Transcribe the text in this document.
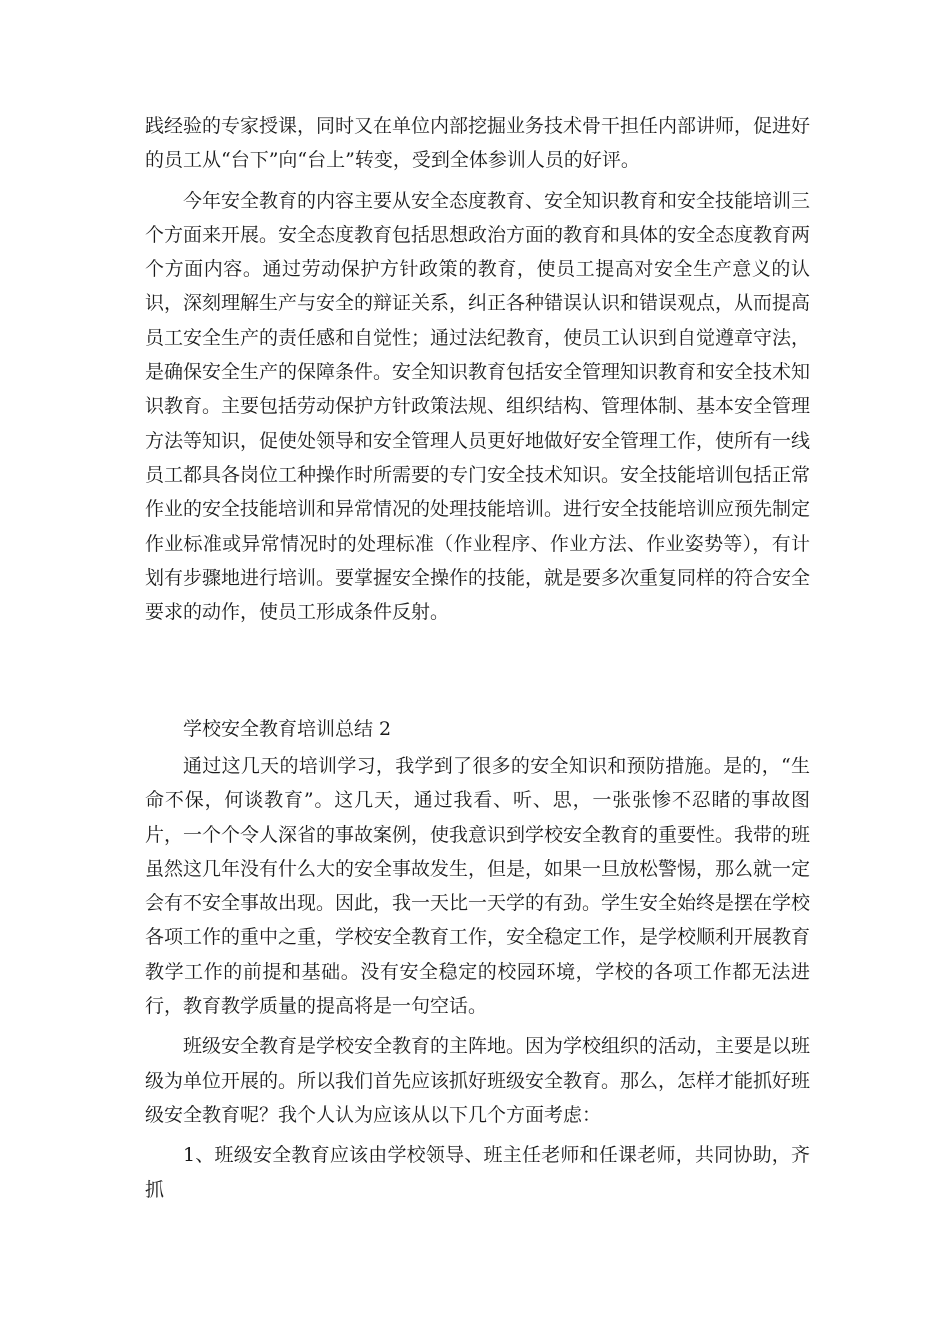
践经验的专家授课，同时又在单位内部挖掘业务技术骨干担任内部讲师，促进好的员工从“台下”向“台上”转变，受到全体参训人员的好评。

今年安全教育的内容主要从安全态度教育、安全知识教育和安全技能培训三个方面来开展。安全态度教育包括思想政治方面的教育和具体的安全态度教育两个方面内容。通过劳动保护方针政策的教育，使员工提高对安全生产意义的认识，深刻理解生产与安全的辩证关系，纠正各种错误认识和错误观点，从而提高员工安全生产的责任感和自觉性；通过法纪教育，使员工认识到自觉遵章守法，是确保安全生产的保障条件。安全知识教育包括安全管理知识教育和安全技术知识教育。主要包括劳动保护方针政策法规、组织结构、管理体制、基本安全管理方法等知识，促使处领导和安全管理人员更好地做好安全管理工作，使所有一线员工都具各岗位工种操作时所需要的专门安全技术知识。安全技能培训包括正常作业的安全技能培训和异常情况的处理技能培训。进行安全技能培训应预先制定作业标准或异常情况时的处理标准（作业程序、作业方法、作业姿势等），有计划有步骤地进行培训。要掌握安全操作的技能，就是要多次重复同样的符合安全要求的动作，使员工形成条件反射。

学校安全教育培训总结 2

通过这几天的培训学习，我学到了很多的安全知识和预防措施。是的，“生命不保，何谈教育”。这几天，通过我看、听、思，一张张惨不忍睹的事故图片，一个个令人深省的事故案例，使我意识到学校安全教育的重要性。我带的班虽然这几年没有什么大的安全事故发生，但是，如果一旦放松警惕，那么就一定会有不安全事故出现。因此，我一天比一天学的有劲。学生安全始终是摆在学校各项工作的重中之重，学校安全教育工作，安全稳定工作，是学校顺利开展教育教学工作的前提和基础。没有安全稳定的校园环境，学校的各项工作都无法进行，教育教学质量的提高将是一句空话。

班级安全教育是学校安全教育的主阵地。因为学校组织的活动，主要是以班级为单位开展的。所以我们首先应该抓好班级安全教育。那么，怎样才能抓好班级安全教育呢？我个人认为应该从以下几个方面考虑：

1、班级安全教育应该由学校领导、班主任老师和任课老师，共同协助，齐抓
